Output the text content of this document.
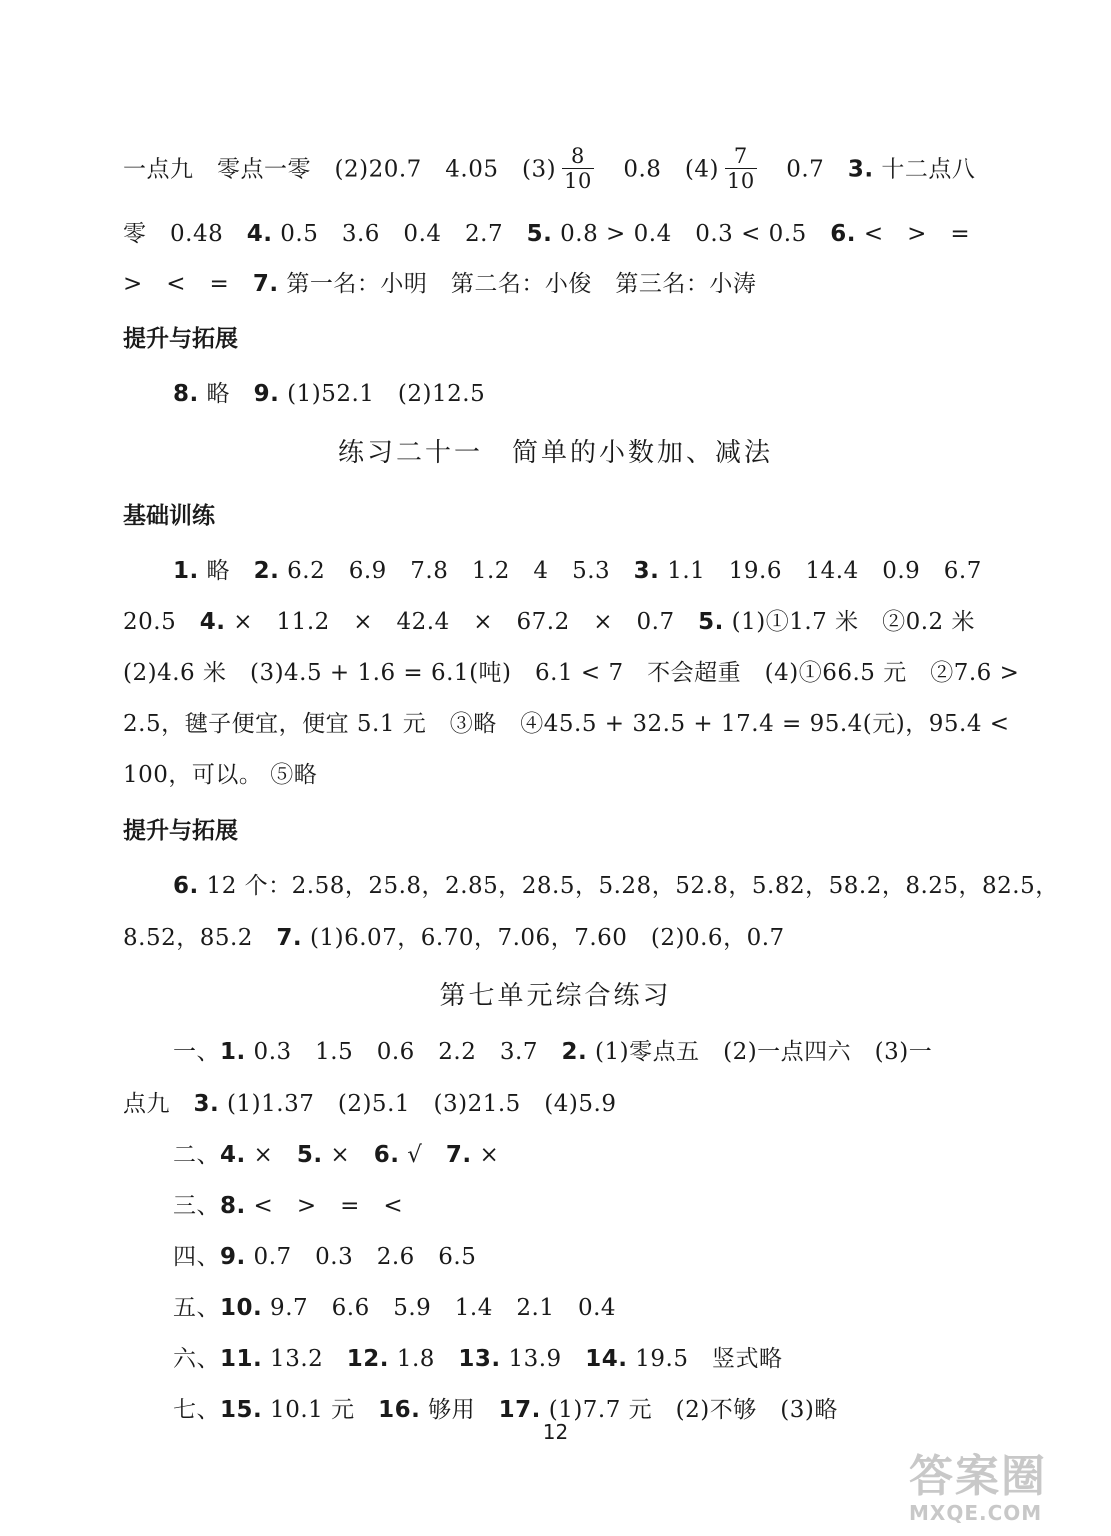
一点九　零点一零　(2)20.7　4.05　$(3) \frac{8}{10}$ 　0.8　$(4) \frac{7}{10}$ 　0.7　 3. 十二点八
零　0.48　 4. 0.5　3.6　0.4　2.7　 5. 0.8 > 0.4　0.3 < 0.5　 6. <　>　=
>　<　=　 7. 第一名：小明　第二名：小俊　第三名：小涛
提升与拓展
8. 略　 9. (1)52.1　(2)12.5
练习二十一　简单的小数加、减法
基础训练
1. 略　 2. 6.2　6.9　7.8　1.2　4　5.3　 3. 1.1　19.6　14.4　0.9　6.7
20.5　 4. ×　11.2　×　42.4　×　67.2　×　0.7　 5. (1)①1.7 米　②0.2 米
(2)4.6 米　(3)4.5 + 1.6 = 6.1(吨)　6.1 < 7　不会超重　(4)①66.5 元　②7.6 >
2.5，毽子便宜，便宜 5.1 元　③略　④45.5 + 32.5 + 17.4 = 95.4(元)，95.4 <
100，可以。 ⑤略
提升与拓展
6. 12 个：2.58，25.8，2.85，28.5，5.28，52.8，5.82，58.2，8.25，82.5，
8.52，85.2　 7. (1)6.07，6.70，7.06，7.60　(2)0.6，0.7
第七单元综合练习
一、1. 0.3　1.5　0.6　2.2　3.7　 2. (1)零点五　(2)一点四六　(3)一
点九　 3. (1)1.37　(2)5.1　(3)21.5　(4)5.9
二、4. ×　 5. ×　 6. √　 7. ×
三、8. <　>　=　<
四、9. 0.7　0.3　2.6　6.5
五、10. 9.7　6.6　5.9　1.4　2.1　0.4
六、11. 13.2　 12. 1.8　 13. 13.9　 14. 19.5　竖式略
七、15. 10.1 元　 16. 够用　 17. (1)7.7 元　(2)不够　(3)略
12
答案圈
MXQE.COM
